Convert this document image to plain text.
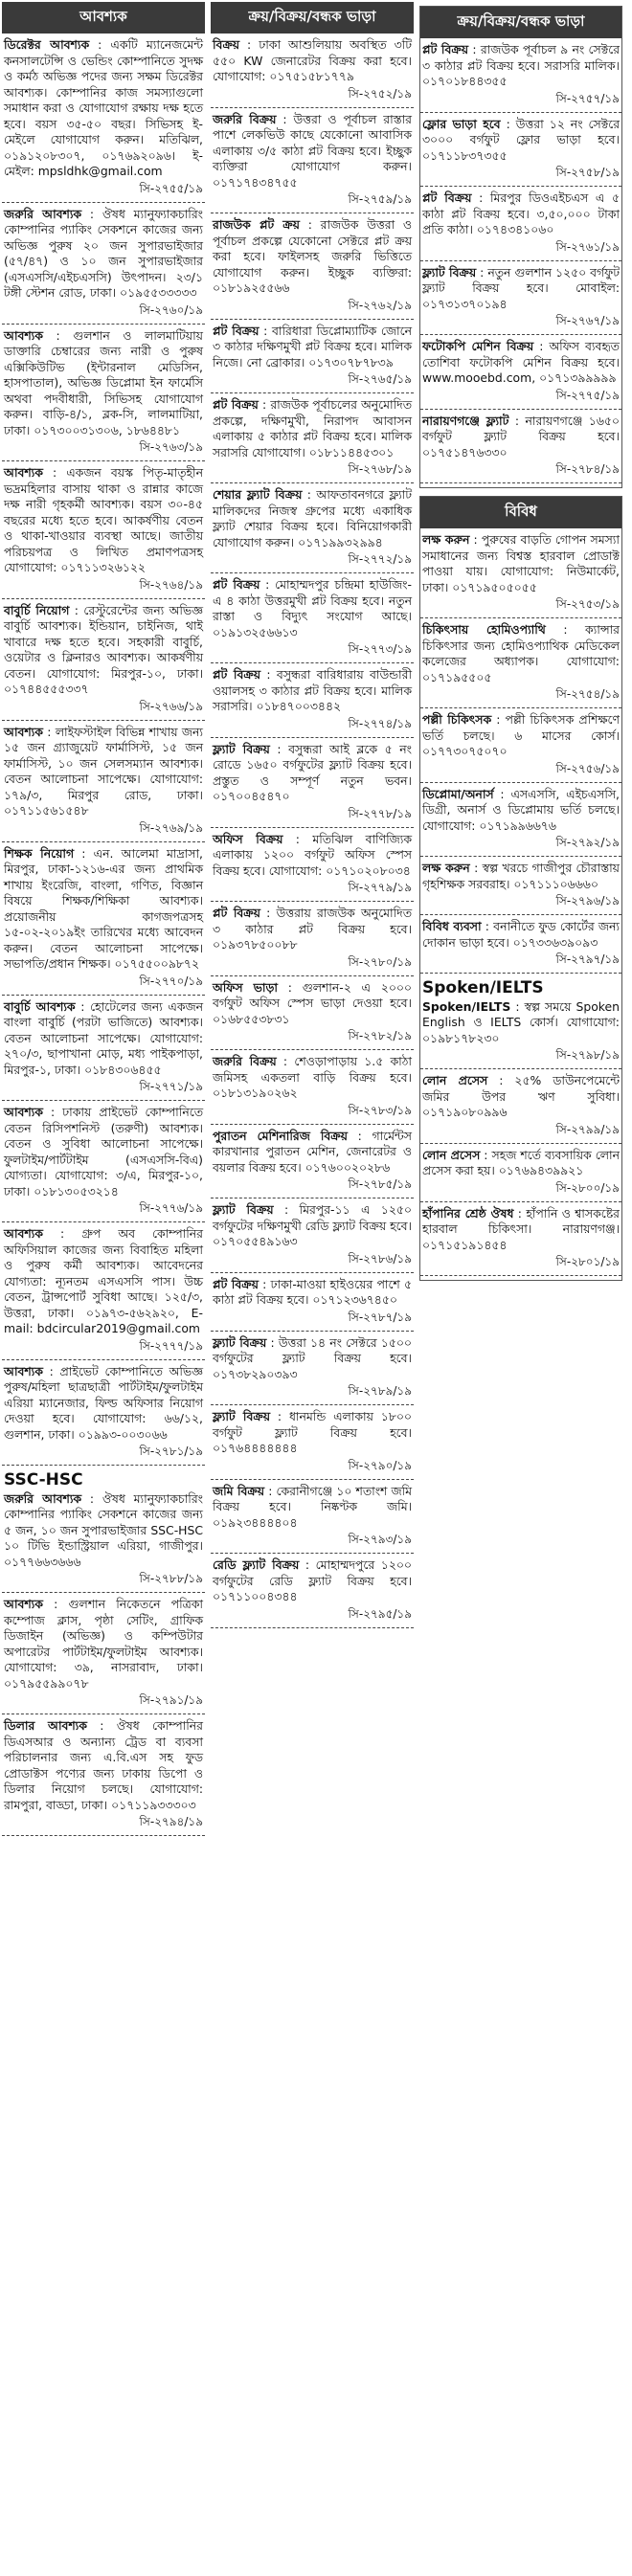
আবশ্যক
ডিরেক্টর আবশ্যক : একটি ম্যানেজমেন্ট কনসালটেন্সি ও ভেন্ডিং কোম্পানিতে সুদক্ষ ও কর্মঠ অভিজ্ঞ পদের জন্য সক্ষম ডিরেক্টর আবশ্যক। কোম্পানির কাজ সমস্যাগুলো সমাধান করা ও যোগাযোগ রক্ষায় দক্ষ হতে হবে। বয়স ৩৫-৫০ বছর। সিভিসহ ই-মেইলে যোগাযোগ করুন। মতিঝিল, ০১৯১২০৮৩০৭, ০১৭৬৯২০৯৬। ই-মেইল: mpsldhk@gmail.com
সি-২৭৫৫/১৯
জরুরি আবশ্যক : ঔষধ ম্যানুফ্যাকচারিং কোম্পানির প্যাকিং সেকশনে কাজের জন্য অভিজ্ঞ পুরুষ ২০ জন সুপারভাইজার (৫৭/৪৭) ও ১০ জন সুপারভাইজার (এসএসসি/এইচএসসি) উৎপাদন। ২৩/১ টঙ্গী স্টেশন রোড, ঢাকা। ০১৯৫৫৩৩৩৩৩
সি-২৭৬০/১৯
আবশ্যক : গুলশান ও লালমাটিয়ায় ডাক্তারি চেম্বারের জন্য নারী ও পুরুষ এক্সিকিউটিভ (ইন্টারনাল মেডিসিন, হাসপাতাল), অভিজ্ঞ ডিপ্লোমা ইন ফার্মেসি অথবা পদবীধারী, সিভিসহ যোগাযোগ করুন। বাড়ি-৪/১, ব্লক-সি, লালমাটিয়া, ঢাকা। ০১৭৩০০৩১৩০৬, ১৮৬৪৪৮১
সি-২৭৬৩/১৯
আবশ্যক : একজন বয়স্ক পিতৃ-মাতৃহীন ভদ্রমহিলার বাসায় থাকা ও রান্নার কাজে দক্ষ নারী গৃহকর্মী আবশ্যক। বয়স ৩০-৪৫ বছরের মধ্যে হতে হবে। আকর্ষণীয় বেতন ও থাকা-খাওয়ার ব্যবস্থা আছে। জাতীয় পরিচয়পত্র ও লিখিত প্রমাণপত্রসহ যোগাযোগ: ০১৭১১৩২৬১২২
সি-২৭৬৪/১৯
বাবুর্চি নিয়োগ : রেস্টুরেন্টের জন্য অভিজ্ঞ বাবুর্চি আবশ্যক। ইন্ডিয়ান, চাইনিজ, থাই খাবারে দক্ষ হতে হবে। সহকারী বাবুর্চি, ওয়েটার ও ক্লিনারও আবশ্যক। আকর্ষণীয় বেতন। যোগাযোগ: মিরপুর-১০, ঢাকা। ০১৭৪৪৫৫৫৩৩৭
সি-২৭৬৬/১৯
আবশ্যক : লাইফস্টাইল বিভিন্ন শাখায় জন্য ১৫ জন গ্র্যাজুয়েট ফার্মাসিস্ট, ১৫ জন ফার্মাসিস্ট, ১০ জন সেলসম্যান আবশ্যক। বেতন আলোচনা সাপেক্ষে। যোগাযোগ: ১৭৯/৩, মিরপুর রোড, ঢাকা। ০১৭১১৫৬১৫৪৮
সি-২৭৬৯/১৯
শিক্ষক নিয়োগ : এন. আলেমা মাদ্রাসা, মিরপুর, ঢাকা-১২১৬-এর জন্য প্রাথমিক শাখায় ইংরেজি, বাংলা, গণিত, বিজ্ঞান বিষয়ে শিক্ষক/শিক্ষিকা আবশ্যক। প্রয়োজনীয় কাগজপত্রসহ ১৫-০২-২০১৯ইং তারিখের মধ্যে আবেদন করুন। বেতন আলোচনা সাপেক্ষে। সভাপতি/প্রধান শিক্ষক। ০১৭৫৫০০৯৮৭২
সি-২৭৭০/১৯
বাবুর্চি আবশ্যক : হোটেলের জন্য একজন বাংলা বাবুর্চি (পরটা ভাজিতে) আবশ্যক। বেতন আলোচনা সাপেক্ষে। যোগাযোগ: ২৭০/৩, ছাপাখানা মোড়, মধ্য পাইকপাড়া, মিরপুর-১, ঢাকা। ০১৮৪৩০৬৪৫৫
সি-২৭৭১/১৯
আবশ্যক : ঢাকায় প্রাইভেট কোম্পানিতে বেতন রিসিপশনিস্ট (তরুণী) আবশ্যক। বেতন ও সুবিধা আলোচনা সাপেক্ষে। ফুলটাইম/পার্টটাইম (এসএসসি-বিএ) যোগ্যতা। যোগাযোগ: ৩/এ, মিরপুর-১০, ঢাকা। ০১৮১৩০৫৩২১৪
সি-২৭৭৬/১৯
আবশ্যক : গ্রুপ অব কোম্পানির অফিসিয়াল কাজের জন্য বিবাহিত মহিলা ও পুরুষ কর্মী আবশ্যক। আবেদনের যোগ্যতা: ন্যূনতম এসএসসি পাস। উচ্চ বেতন, ট্রান্সপোর্ট সুবিধা আছে। ১২৫/৩, উত্তরা, ঢাকা। ০১৯৭৩-৫৬২৯২০, E-mail: bdcircular2019@gmail.com
সি-২৭৭৭/১৯
আবশ্যক : প্রাইভেট কোম্পানিতে অভিজ্ঞ পুরুষ/মহিলা ছাত্রছাত্রী পার্টটাইম/ফুলটাইম এরিয়া ম্যানেজার, ফিল্ড অফিসার নিয়োগ দেওয়া হবে। যোগাযোগ: ৬৬/১২, গুলশান, ঢাকা। ০১৯৯৩-০০৩০৬৬
সি-২৭৮১/১৯
SSC-HSC
জরুরি আবশ্যক : ঔষধ ম্যানুফ্যাকচারিং কোম্পানির প্যাকিং সেকশনে কাজের জন্য ৫ জন, ১০ জন সুপারভাইজার SSC-HSC ১০ টিভি ইন্ডাস্ট্রিয়াল এরিয়া, গাজীপুর। ০১৭৭৬৬৩৬৬৬
সি-২৭৮৮/১৯
আবশ্যক : গুলশান নিকেতনে পত্রিকা কম্পোজ ক্লাস, পৃষ্ঠা সেটিং, গ্রাফিক ডিজাইন (অভিজ্ঞ) ও কম্পিউটার অপারেটর পার্টটাইম/ফুলটাইম আবশ্যক। যোগাযোগ: ৩৯, নাসরাবাদ, ঢাকা। ০১৭৯৫৫৯৯০৭৮
সি-২৭৯১/১৯
ডিলার আবশ্যক : ঔষধ কোম্পানির ডিএসআর ও অন্যান্য ট্রেড বা ব্যবসা পরিচালনার জন্য এ.বি.এস সহ ফুড প্রোডাক্টস পণ্যের জন্য ঢাকায় ডিপো ও ডিলার নিয়োগ চলছে। যোগাযোগ: রামপুরা, বাড্ডা, ঢাকা। ০১৭১১৯৩৩৩০৩
সি-২৭৯৪/১৯
ক্রয়/বিক্রয়/বন্ধক ভাড়া
বিক্রয় : ঢাকা আশুলিয়ায় অবস্থিত ৩টি ৫৫০ KW জেনারেটর বিক্রয় করা হবে। যোগাযোগ: ০১৭৫১৫৮১৭৭৯
সি-২৭৫২/১৯
জরুরি বিক্রয় : উত্তরা ও পূর্বাচল রাস্তার পাশে লেকভিউ কাছে যেকোনো আবাসিক এলাকায় ৩/৫ কাঠা প্লট বিক্রয় হবে। ইচ্ছুক ব্যক্তিরা যোগাযোগ করুন। ০১৭১৭৪৩৪৭৫৫
সি-২৭৫৯/১৯
রাজউক প্লট ক্রয় : রাজউক উত্তরা ও পূর্বাচল প্রকল্পে যেকোনো সেক্টরে প্লট ক্রয় করা হবে। ফাইলসহ জরুরি ভিত্তিতে যোগাযোগ করুন। ইচ্ছুক ব্যক্তিরা: ০১৮১৯২৫৫৬৬
সি-২৭৬২/১৯
প্লট বিক্রয় : বারিধারা ডিপ্লোম্যাটিক জোনে ৩ কাঠার দক্ষিণমুখী প্লট বিক্রয় হবে। মালিক নিজে। নো ব্রোকার। ০১৭৩০৭৮৭৮৩৯
সি-২৭৬৫/১৯
প্লট বিক্রয় : রাজউক পূর্বাচলের অনুমোদিত প্রকল্পে, দক্ষিণমুখী, নিরাপদ আবাসন এলাকায় ৫ কাঠার প্লট বিক্রয় হবে। মালিক সরাসরি যোগাযোগ। ০১৮১১৪৪৫৩০১
সি-২৭৬৮/১৯
শেয়ার ফ্ল্যাট বিক্রয় : আফতাবনগরে ফ্ল্যাট মালিকদের নিজস্ব গ্রুপের মধ্যে একাধিক ফ্ল্যাট শেয়ার বিক্রয় হবে। বিনিয়োগকারী যোগাযোগ করুন। ০১৭১৯৯৩২৯৯৪
সি-২৭৭২/১৯
প্লট বিক্রয় : মোহাম্মদপুর চন্দ্রিমা হাউজিং-এ ৪ কাঠা উত্তরমুখী প্লট বিক্রয় হবে। নতুন রাস্তা ও বিদ্যুৎ সংযোগ আছে। ০১৯১৩২৫৬৬১৩
সি-২৭৭৩/১৯
প্লট বিক্রয় : বসুন্ধরা বারিধারায় বাউন্ডারী ওয়ালসহ ৩ কাঠার প্লট বিক্রয় হবে। মালিক সরাসরি। ০১৮৪৭০০৩৪৪২
সি-২৭৭৪/১৯
ফ্ল্যাট বিক্রয় : বসুন্ধরা আই ব্লকে ৫ নং রোডে ১৬৫০ বর্গফুটের ফ্ল্যাট বিক্রয় হবে। প্রস্তুত ও সম্পূর্ণ নতুন ভবন। ০১৭০০৪৫৪৭০
সি-২৭৭৮/১৯
অফিস বিক্রয় : মতিঝিল বাণিজ্যিক এলাকায় ১২০০ বর্গফুট অফিস স্পেস বিক্রয় হবে। যোগাযোগ: ০১৭১০২০৮০৩৪
সি-২৭৭৯/১৯
প্লট বিক্রয় : উত্তরায় রাজউক অনুমোদিত ৩ কাঠার প্লট বিক্রয় হবে। ০১৯৩৭৮৫০০৮৮
সি-২৭৮০/১৯
অফিস ভাড়া : গুলশান-২ এ ২০০০ বর্গফুট অফিস স্পেস ভাড়া দেওয়া হবে। ০১৬৮৫৫৩৮৩১
সি-২৭৮২/১৯
জরুরি বিক্রয় : শেওড়াপাড়ায় ১.৫ কাঠা জমিসহ একতলা বাড়ি বিক্রয় হবে। ০১৮১৩১৯০২৬২
সি-২৭৮৩/১৯
পুরাতন মেশিনারিজ বিক্রয় : গার্মেন্টস কারখানার পুরাতন মেশিন, জেনারেটর ও বয়লার বিক্রয় হবে। ০১৭৬০০২০২৮৬
সি-২৭৮৫/১৯
ফ্ল্যাট বিক্রয় : মিরপুর-১১ এ ১২৫০ বর্গফুটের দক্ষিণমুখী রেডি ফ্ল্যাট বিক্রয় হবে। ০১৭০৫৫৪৯১৬৩
সি-২৭৮৬/১৯
প্লট বিক্রয় : ঢাকা-মাওয়া হাইওয়ের পাশে ৫ কাঠা প্লট বিক্রয় হবে। ০১৭১২৩৬৭৪৫০
সি-২৭৮৭/১৯
ফ্ল্যাট বিক্রয় : উত্তরা ১৪ নং সেক্টরে ১৫০০ বর্গফুটের ফ্ল্যাট বিক্রয় হবে। ০১৭৩৮২৯০৩৯৩
সি-২৭৮৯/১৯
ফ্ল্যাট বিক্রয় : ধানমন্ডি এলাকায় ১৮০০ বর্গফুট ফ্ল্যাট বিক্রয় হবে। ০১৭৬৪৪৪৪৪৪৪
সি-২৭৯০/১৯
জমি বিক্রয় : কেরানীগঞ্জে ১০ শতাংশ জমি বিক্রয় হবে। নিষ্কণ্টক জমি। ০১৯২৩৪৪৪৪০৪
সি-২৭৯৩/১৯
রেডি ফ্ল্যাট বিক্রয় : মোহাম্মদপুরে ১২০০ বর্গফুটের রেডি ফ্ল্যাট বিক্রয় হবে। ০১৭১১০০৪৩৪৪
সি-২৭৯৫/১৯
ক্রয়/বিক্রয়/বন্ধক ভাড়া
প্লট বিক্রয় : রাজউক পূর্বাচল ৯ নং সেক্টরে ৩ কাঠার প্লট বিক্রয় হবে। সরাসরি মালিক। ০১৭০১৮৪৪৩৫৫
সি-২৭৫৭/১৯
ফ্লোর ভাড়া হবে : উত্তরা ১২ নং সেক্টরে ৩০০০ বর্গফুট ফ্লোর ভাড়া হবে। ০১৭১১৮৩৭৩৫৫
সি-২৭৫৮/১৯
প্লট বিক্রয় : মিরপুর ডিওএইচএস এ ৫ কাঠা প্লট বিক্রয় হবে। ৩,৫০,০০০ টাকা প্রতি কাঠা। ০১৭৪৩৪১০৬০
সি-২৭৬১/১৯
ফ্ল্যাট বিক্রয় : নতুন গুলশান ১২৫০ বর্গফুট ফ্ল্যাট বিক্রয় হবে। মোবাইল: ০১৭৩১৩৭০১৯৪
সি-২৭৬৭/১৯
ফটোকপি মেশিন বিক্রয় : অফিস ব্যবহৃত তোশিবা ফটোকপি মেশিন বিক্রয় হবে। www.mooebd.com, ০১৭১৩৯৯৯৯৯
সি-২৭৭৫/১৯
নারায়ণগঞ্জে ফ্ল্যাট : নারায়ণগঞ্জে ১৬৫০ বর্গফুট ফ্ল্যাট বিক্রয় হবে। ০১৭৫১৪৭৬৩৩০
সি-২৭৮৪/১৯
বিবিধ
লক্ষ করুন : পুরুষের বাড়তি গোপন সমস্যা সমাধানের জন্য বিশ্বস্ত হারবাল প্রোডাক্ট পাওয়া যায়। যোগাযোগ: নিউমার্কেট, ঢাকা। ০১৭১৯৫০৫০৫৫
সি-২৭৫৩/১৯
চিকিৎসায় হোমিওপ্যাথি : ক্যান্সার চিকিৎসার জন্য হোমিওপ্যাথিক মেডিকেল কলেজের অধ্যাপক। যোগাযোগ: ০১৭১৯৫৫০৫
সি-২৭৫৪/১৯
পল্লী চিকিৎসক : পল্লী চিকিৎসক প্রশিক্ষণে ভর্তি চলছে। ৬ মাসের কোর্স। ০১৭৭৩০৭৫০৭০
সি-২৭৫৬/১৯
ডিপ্লোমা/অনার্স : এসএসসি, এইচএসসি, ডিগ্রী, অনার্স ও ডিপ্লোমায় ভর্তি চলছে। যোগাযোগ: ০১৭১৯৯৬৬৭৬
সি-২৭৯২/১৯
লক্ষ করুন : স্বল্প খরচে গাজীপুর চৌরাস্তায় গৃহশিক্ষক সরবরাহ। ০১৭১১১০৬৬৬০
সি-২৭৯৬/১৯
বিবিধ ব্যবসা : বনানীতে ফুড কোর্টের জন্য দোকান ভাড়া হবে। ০১৭৩৩৬৩৯০৯৩
সি-২৭৯৭/১৯
Spoken/IELTS
Spoken/IELTS : স্বল্প সময়ে Spoken English ও IELTS কোর্স। যোগাযোগ: ০১৯৮১৭৮২৩০
সি-২৭৯৮/১৯
লোন প্রসেস : ২৫% ডাউনপেমেন্টে জমির উপর ঋণ সুবিধা। ০১৭১৯০৮০৯৯৬
সি-২৭৯৯/১৯
লোন প্রসেস : সহজ শর্তে ব্যবসায়িক লোন প্রসেস করা হয়। ০১৭৬৯৪৩৯৯২১
সি-২৮০০/১৯
হাঁপানির শ্রেষ্ঠ ঔষধ : হাঁপানি ও শ্বাসকষ্টের হারবাল চিকিৎসা। নারায়ণগঞ্জ। ০১৭১৫১৯১৪৫৪
সি-২৮০১/১৯
